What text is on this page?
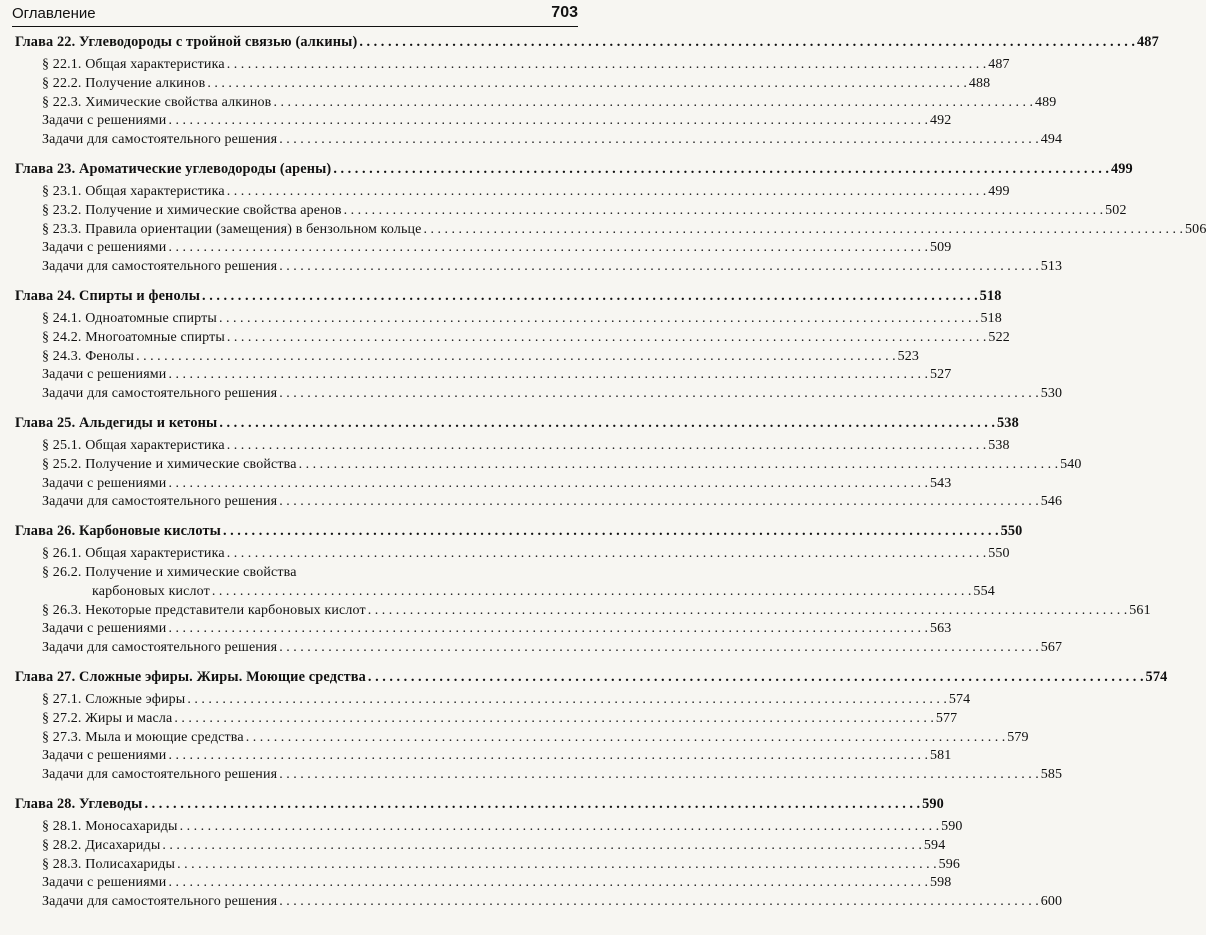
Оглавление	703
Глава 22. Углеводороды с тройной связью (алкины) . . .	487
§ 22.1. Общая характеристика . . .	487
§ 22.2. Получение алкинов . . .	488
§ 22.3. Химические свойства алкинов . . .	489
Задачи с решениями . . .	492
Задачи для самостоятельного решения . . .	494
Глава 23. Ароматические углеводороды (арены) . . .	499
§ 23.1. Общая характеристика . . .	499
§ 23.2. Получение и химические свойства аренов . . .	502
§ 23.3. Правила ориентации (замещения) в бензольном кольце . . .	506
Задачи с решениями . . .	509
Задачи для самостоятельного решения . . .	513
Глава 24. Спирты и фенолы . . .	518
§ 24.1. Одноатомные спирты . . .	518
§ 24.2. Многоатомные спирты . . .	522
§ 24.3. Фенолы . . .	523
Задачи с решениями . . .	527
Задачи для самостоятельного решения . . .	530
Глава 25. Альдегиды и кетоны . . .	538
§ 25.1. Общая характеристика . . .	538
§ 25.2. Получение и химические свойства . . .	540
Задачи с решениями . . .	543
Задачи для самостоятельного решения . . .	546
Глава 26. Карбоновые кислоты . . .	550
§ 26.1. Общая характеристика . . .	550
§ 26.2. Получение и химические свойства
карбоновых кислот . . .	554
§ 26.3. Некоторые представители карбоновых кислот . . .	561
Задачи с решениями . . .	563
Задачи для самостоятельного решения . . .	567
Глава 27. Сложные эфиры. Жиры. Моющие средства . . .	574
§ 27.1. Сложные эфиры . . .	574
§ 27.2. Жиры и масла . . .	577
§ 27.3. Мыла и моющие средства . . .	579
Задачи с решениями . . .	581
Задачи для самостоятельного решения . . .	585
Глава 28. Углеводы . . .	590
§ 28.1. Моносахариды . . .	590
§ 28.2. Дисахариды . . .	594
§ 28.3. Полисахариды . . .	596
Задачи с решениями . . .	598
Задачи для самостоятельного решения . . .	600
